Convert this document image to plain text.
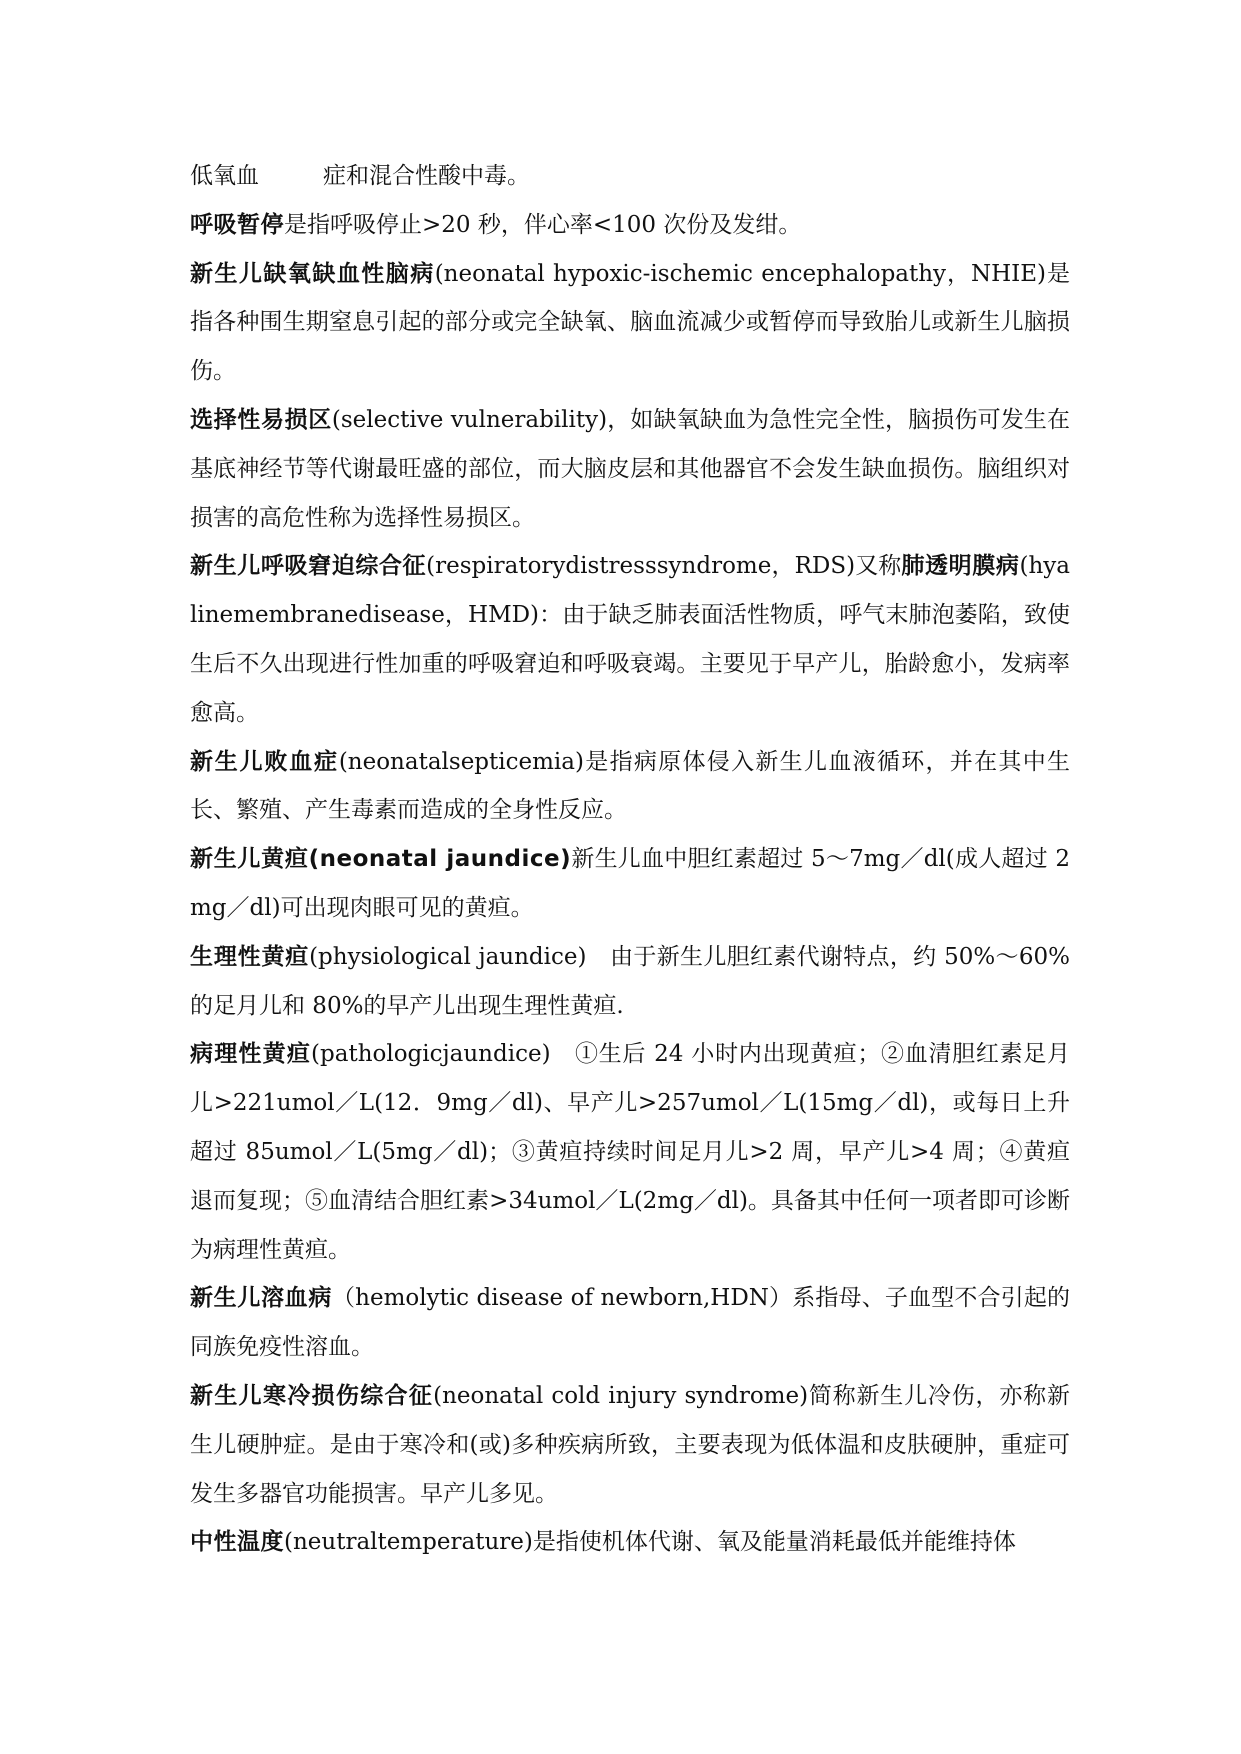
低氧血	症和混合性酸中毒。

呼吸暂停是指呼吸停止>20 秒，伴心率<100 次份及发绀。

新生儿缺氧缺血性脑病(neonatal hypoxic-ischemic encephalopathy，NHIE)是指各种围生期窒息引起的部分或完全缺氧、脑血流减少或暂停而导致胎儿或新生儿脑损伤。

选择性易损区(selective vulnerability)，如缺氧缺血为急性完全性，脑损伤可发生在基底神经节等代谢最旺盛的部位，而大脑皮层和其他器官不会发生缺血损伤。脑组织对损害的高危性称为选择性易损区。

新生儿呼吸窘迫综合征(respiratorydistresssyndrome，RDS)又称肺透明膜病(hyalinemembranedisease，HMD)：由于缺乏肺表面活性物质，呼气末肺泡萎陷，致使生后不久出现进行性加重的呼吸窘迫和呼吸衰竭。主要见于早产儿，胎龄愈小，发病率愈高。

新生儿败血症(neonatalsepticemia)是指病原体侵入新生儿血液循环，并在其中生长、繁殖、产生毒素而造成的全身性反应。

新生儿黄疸(neonatal jaundice)新生儿血中胆红素超过 5～7mg／dl(成人超过 2mg／dl)可出现肉眼可见的黄疸。

生理性黄疸(physiological jaundice)　由于新生儿胆红素代谢特点，约 50%～60%的足月儿和 80%的早产儿出现生理性黄疸.

病理性黄疸(pathologicjaundice)　①生后 24 小时内出现黄疸；②血清胆红素足月儿>221umol／L(12．9mg／dl)、早产儿>257umol／L(15mg／dl)，或每日上升超过 85umol／L(5mg／dl)；③黄疸持续时间足月儿>2 周，早产儿>4 周；④黄疸退而复现；⑤血清结合胆红素>34umol／L(2mg／dl)。具备其中任何一项者即可诊断为病理性黄疸。

新生儿溶血病（hemolytic disease of newborn,HDN）系指母、子血型不合引起的同族免疫性溶血。

新生儿寒冷损伤综合征(neonatal cold injury syndrome)简称新生儿冷伤，亦称新生儿硬肿症。是由于寒冷和(或)多种疾病所致，主要表现为低体温和皮肤硬肿，重症可发生多器官功能损害。早产儿多见。

中性温度(neutraltemperature)是指使机体代谢、氧及能量消耗最低并能维持体
